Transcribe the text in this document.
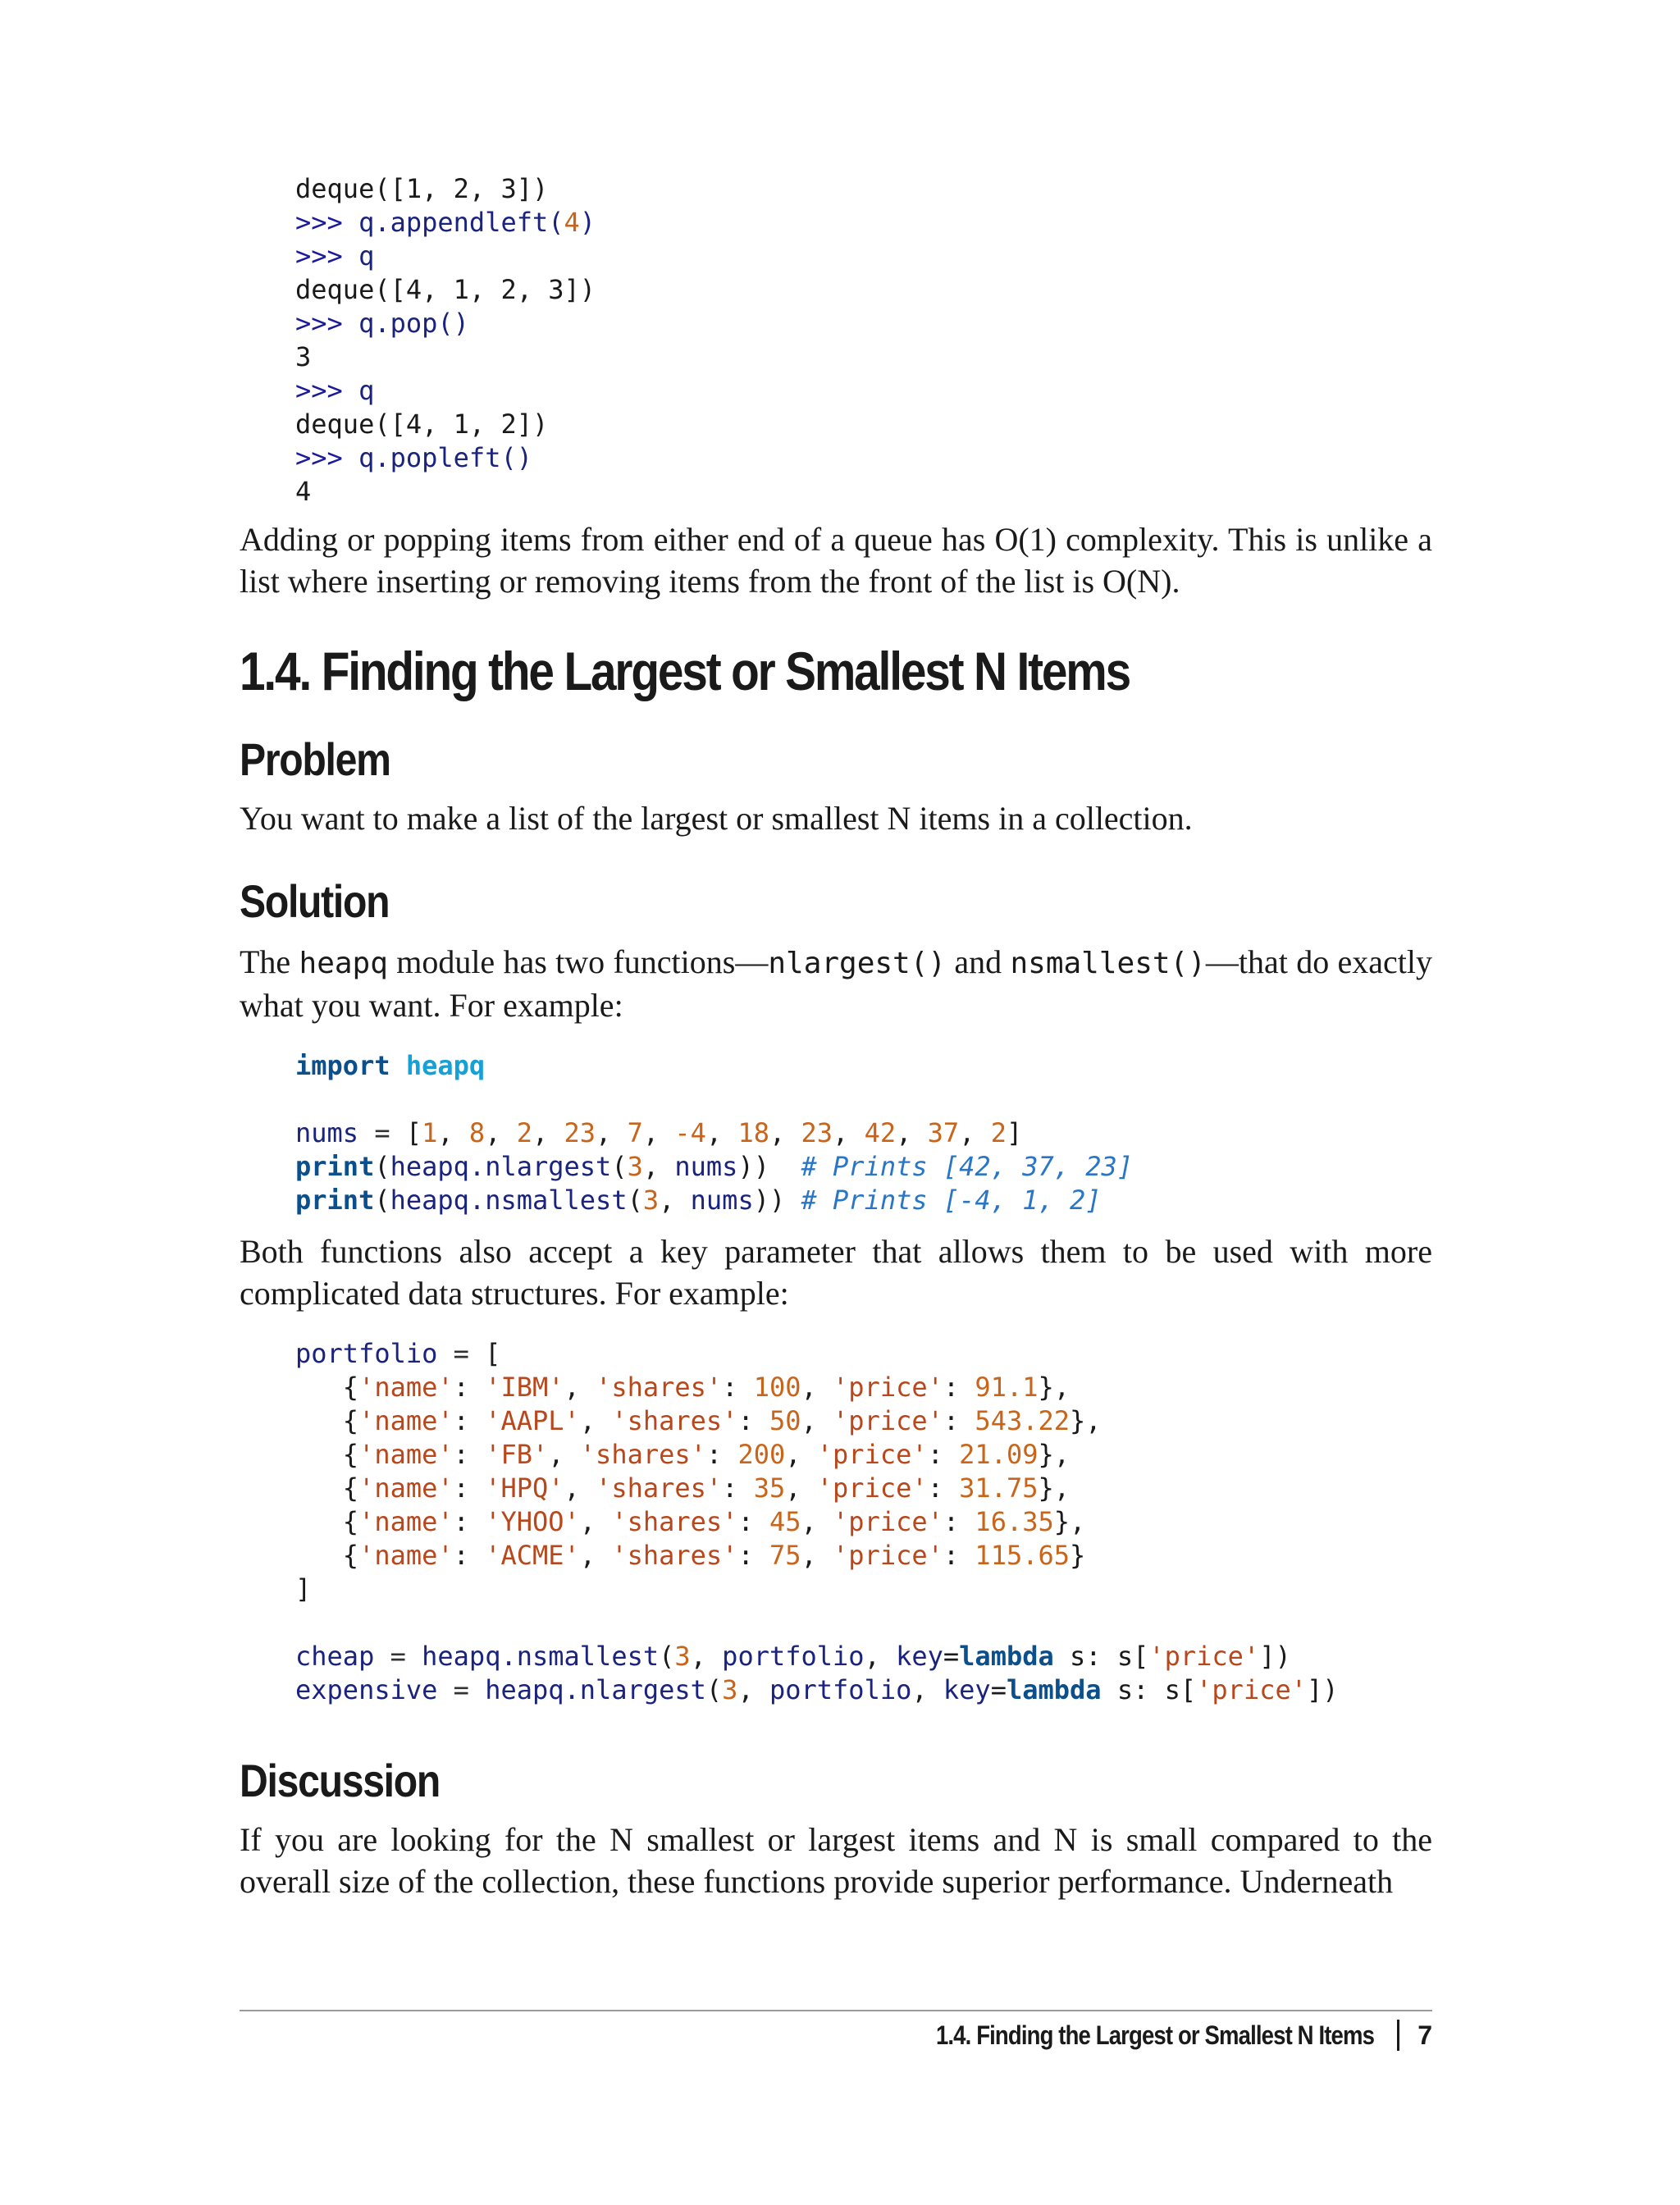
deque([1, 2, 3])
>>> q.appendleft(4)
>>> q
deque([4, 1, 2, 3])
>>> q.pop()
3
>>> q
deque([4, 1, 2])
>>> q.popleft()
4

Adding or popping items from either end of a queue has O(1) complexity. This is unlike a list where inserting or removing items from the front of the list is O(N).

1.4. Finding the Largest or Smallest N Items
Problem

You want to make a list of the largest or smallest N items in a collection.

Solution

The heapq module has two functions—nlargest() and nsmallest()—that do exactly what you want. For example:

import heapq

nums = [1, 8, 2, 23, 7, -4, 18, 23, 42, 37, 2]
print(heapq.nlargest(3, nums))  # Prints [42, 37, 23]
print(heapq.nsmallest(3, nums)) # Prints [-4, 1, 2]

Both functions also accept a key parameter that allows them to be used with more complicated data structures. For example:

portfolio = [
{'name': 'IBM', 'shares': 100, 'price': 91.1},
{'name': 'AAPL', 'shares': 50, 'price': 543.22},
{'name': 'FB', 'shares': 200, 'price': 21.09},
{'name': 'HPQ', 'shares': 35, 'price': 31.75},
{'name': 'YHOO', 'shares': 45, 'price': 16.35},
{'name': 'ACME', 'shares': 75, 'price': 115.65}
]

cheap = heapq.nsmallest(3, portfolio, key=lambda s: s['price'])
expensive = heapq.nlargest(3, portfolio, key=lambda s: s['price'])
Discussion

If you are looking for the N smallest or largest items and N is small compared to the overall size of the collection, these functions provide superior performance. Underneath

1.4. Finding the Largest or Smallest N Items 7
